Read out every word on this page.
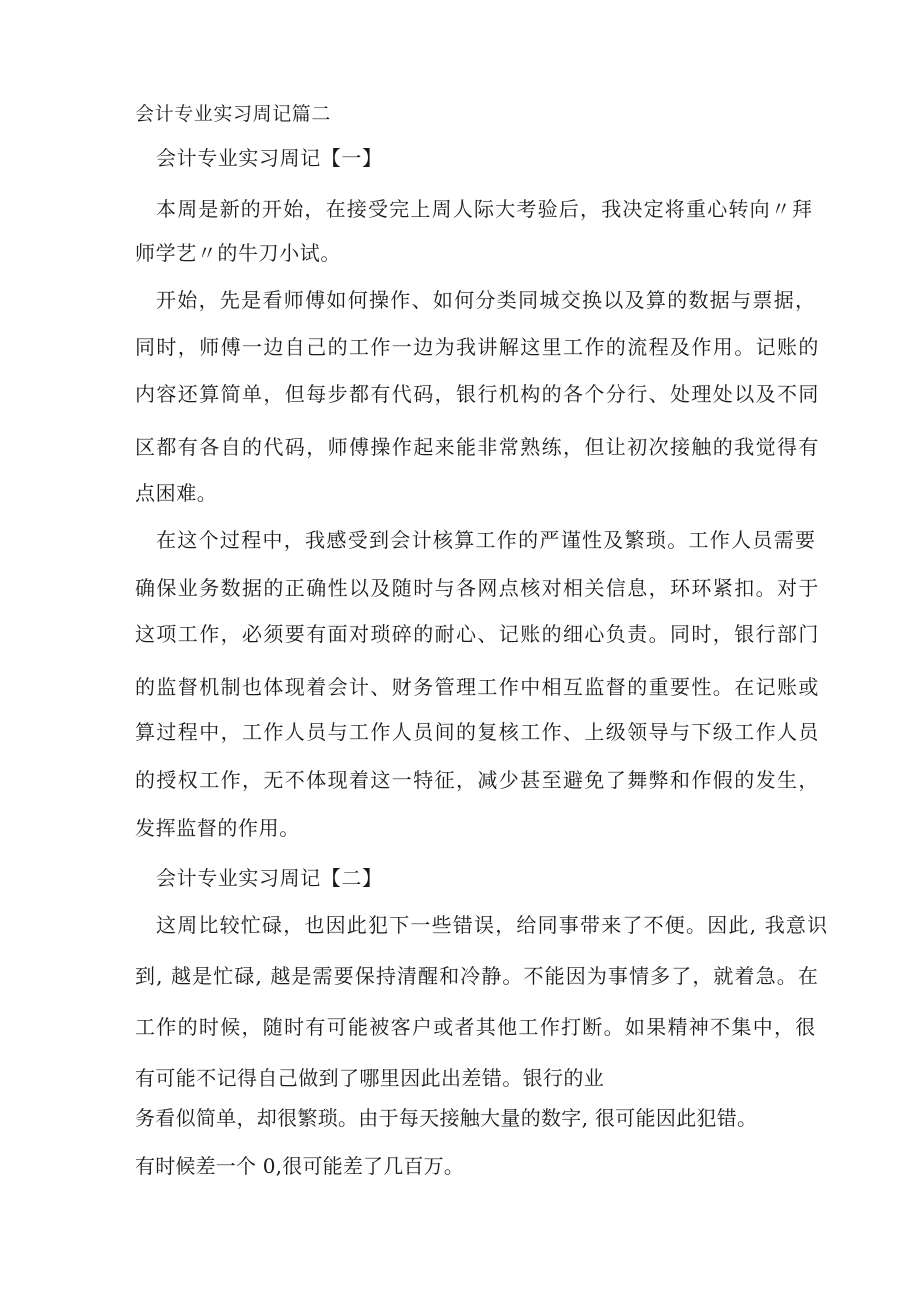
会计专业实习周记篇二
会计专业实习周记【一】
本周是新的开始，在接受完上周人际大考验后，我决定将重心转向〃拜
师学艺〃的牛刀小试。
开始，先是看师傅如何操作、如何分类同城交换以及算的数据与票据，
同时，师傅一边自己的工作一边为我讲解这里工作的流程及作用。记账的
内容还算简单，但每步都有代码，银行机构的各个分行、处理处以及不同
区都有各自的代码，师傅操作起来能非常熟练，但让初次接触的我觉得有
点困难。
在这个过程中，我感受到会计核算工作的严谨性及繁琐。工作人员需要
确保业务数据的正确性以及随时与各网点核对相关信息，环环紧扣。对于
这项工作，必须要有面对琐碎的耐心、记账的细心负责。同时，银行部门
的监督机制也体现着会计、财务管理工作中相互监督的重要性。在记账或
算过程中，工作人员与工作人员间的复核工作、上级领导与下级工作人员
的授权工作，无不体现着这一特征，减少甚至避免了舞弊和作假的发生，
发挥监督的作用。
会计专业实习周记【二】
这周比较忙碌，也因此犯下一些错误，给同事带来了不便。因此, 我意识
到, 越是忙碌, 越是需要保持清醒和冷静。不能因为事情多了，就着急。在
工作的时候，随时有可能被客户或者其他工作打断。如果精神不集中，很
有可能不记得自己做到了哪里因此出差错。银行的业
务看似简单，却很繁琐。由于每天接触大量的数字, 很可能因此犯错。
有时候差一个 0,很可能差了几百万。
